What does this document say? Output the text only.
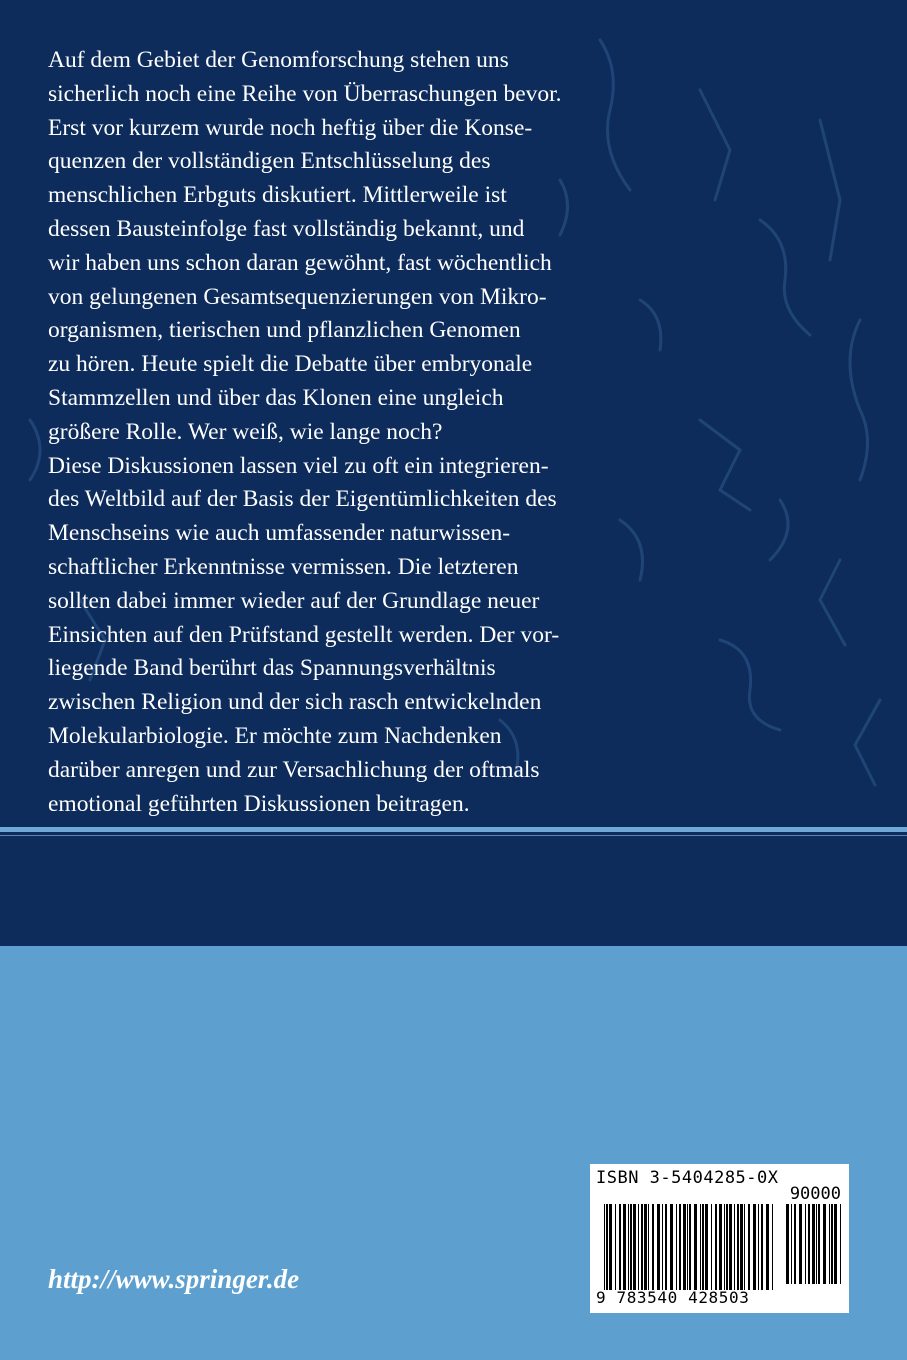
Auf dem Gebiet der Genomforschung stehen uns
sicherlich noch eine Reihe von Überraschungen bevor.
Erst vor kurzem wurde noch heftig über die Konse-
quenzen der vollständigen Entschlüsselung des
menschlichen Erbguts diskutiert. Mittlerweile ist
dessen Bausteinfolge fast vollständig bekannt, und
wir haben uns schon daran gewöhnt, fast wöchentlich
von gelungenen Gesamtsequenzierungen von Mikro-
organismen, tierischen und pflanzlichen Genomen
zu hören. Heute spielt die Debatte über embryonale
Stammzellen und über das Klonen eine ungleich
größere Rolle. Wer weiß, wie lange noch?
Diese Diskussionen lassen viel zu oft ein integrieren-
des Weltbild auf der Basis der Eigentümlichkeiten des
Menschseins wie auch umfassender naturwissen-
schaftlicher Erkenntnisse vermissen. Die letzteren
sollten dabei immer wieder auf der Grundlage neuer
Einsichten auf den Prüfstand gestellt werden. Der vor-
liegende Band berührt das Spannungsverhältnis
zwischen Religion und der sich rasch entwickelnden
Molekularbiologie. Er möchte zum Nachdenken
darüber anregen und zur Versachlichung der oftmals
emotional geführten Diskussionen beitragen.
http://www.springer.de
ISBN 3-5404285-0X
90000
9 783540 428503
